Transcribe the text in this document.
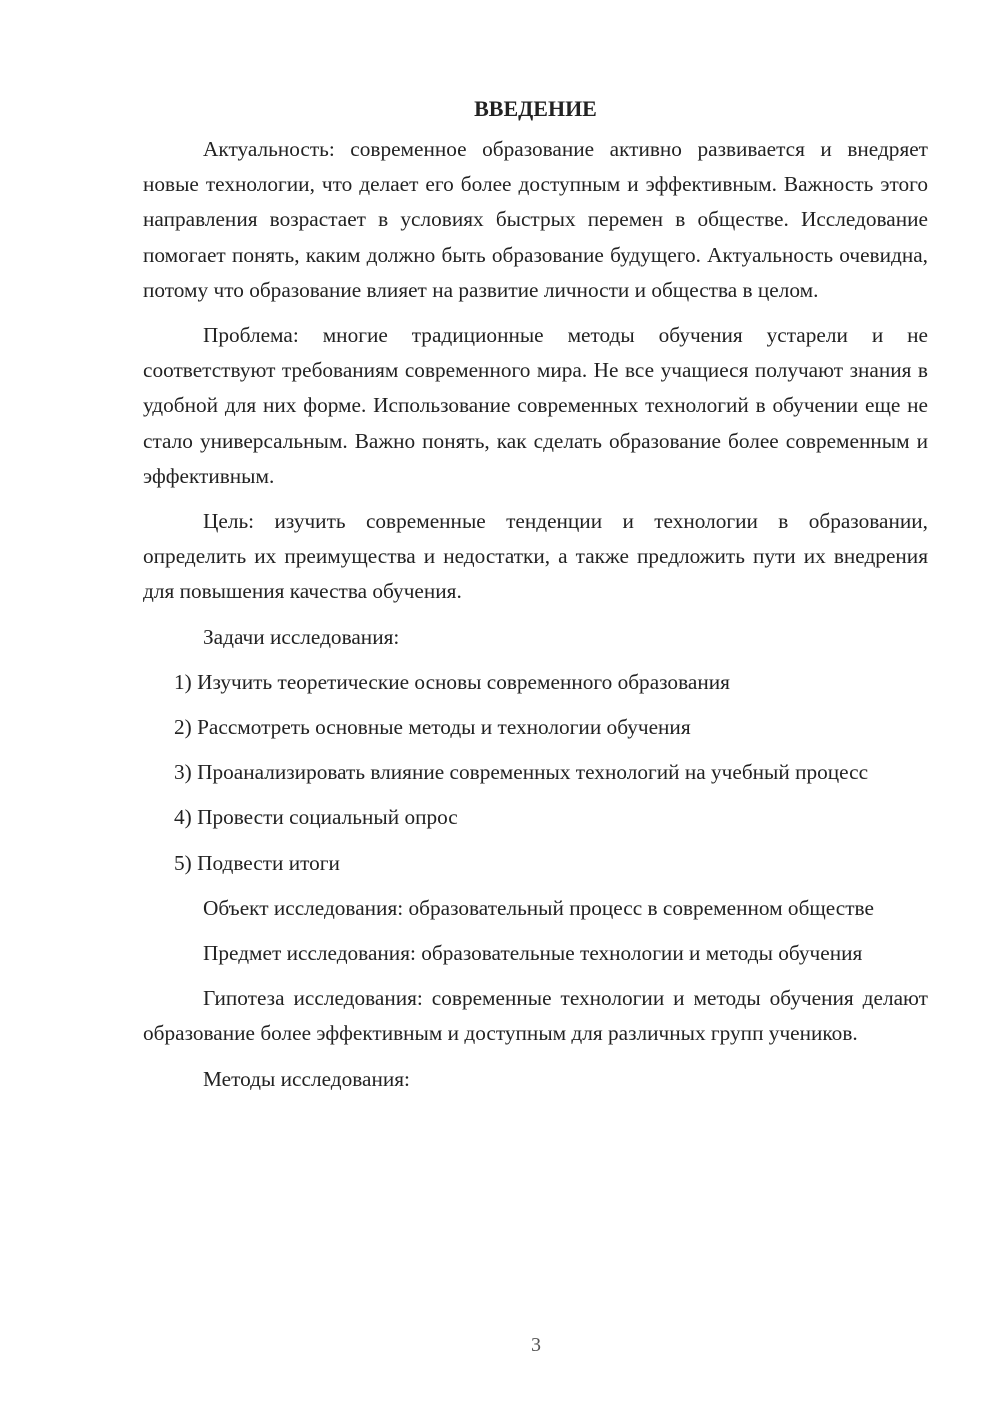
ВВЕДЕНИЕ

Актуальность: современное образование активно развивается и внедряет новые технологии, что делает его более доступным и эффективным. Важность этого направления возрастает в условиях быстрых перемен в обществе. Исследование помогает понять, каким должно быть образование будущего. Актуальность очевидна, потому что образование влияет на развитие личности и общества в целом.

Проблема: многие традиционные методы обучения устарели и не соответствуют требованиям современного мира. Не все учащиеся получают знания в удобной для них форме. Использование современных технологий в обучении еще не стало универсальным. Важно понять, как сделать образование более современным и эффективным.

Цель: изучить современные тенденции и технологии в образовании, определить их преимущества и недостатки, а также предложить пути их внедрения для повышения качества обучения.

Задачи исследования:

1) Изучить теоретические основы современного образования

2) Рассмотреть основные методы и технологии обучения

3) Проанализировать влияние современных технологий на учебный процесс

4) Провести социальный опрос

5) Подвести итоги

Объект исследования: образовательный процесс в современном обществе

Предмет исследования: образовательные технологии и методы обучения

Гипотеза исследования: современные технологии и методы обучения делают образование более эффективным и доступным для различных групп учеников.

Методы исследования:

3
